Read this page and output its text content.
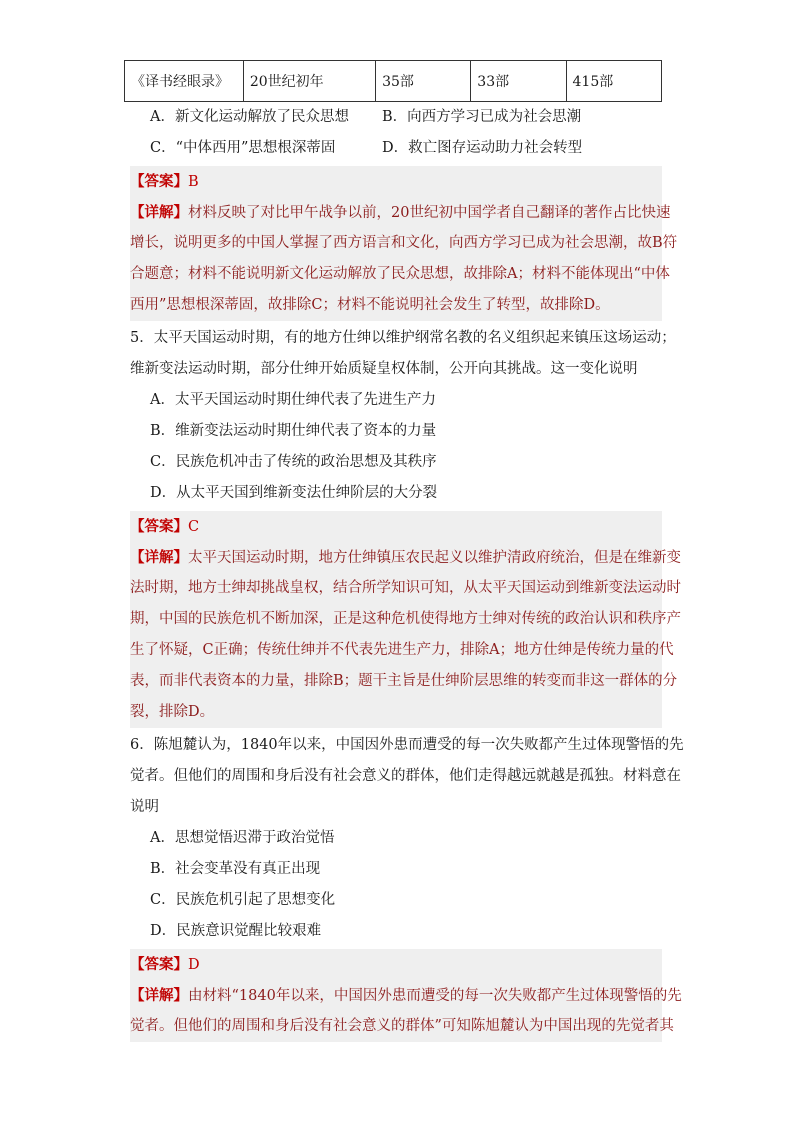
《译书经眼录》	20世纪初年	35部	33部	415部
A．新文化运动解放了民众思想	B．向西方学习已成为社会思潮
C．“中体西用”思想根深蒂固	D．救亡图存运动助力社会转型
【答案】B
【详解】材料反映了对比甲午战争以前，20世纪初中国学者自己翻译的著作占比快速
增长，说明更多的中国人掌握了西方语言和文化，向西方学习已成为社会思潮，故B符
合题意；材料不能说明新文化运动解放了民众思想，故排除A；材料不能体现出“中体
西用”思想根深蒂固，故排除C；材料不能说明社会发生了转型，故排除D。
5．太平天国运动时期，有的地方仕绅以维护纲常名教的名义组织起来镇压这场运动；
维新变法运动时期，部分仕绅开始质疑皇权体制，公开向其挑战。这一变化说明
A．太平天国运动时期仕绅代表了先进生产力
B．维新变法运动时期仕绅代表了资本的力量
C．民族危机冲击了传统的政治思想及其秩序
D．从太平天国到维新变法仕绅阶层的大分裂
【答案】C
【详解】太平天国运动时期，地方仕绅镇压农民起义以维护清政府统治，但是在维新变
法时期，地方士绅却挑战皇权，结合所学知识可知，从太平天国运动到维新变法运动时
期，中国的民族危机不断加深，正是这种危机使得地方士绅对传统的政治认识和秩序产
生了怀疑，C正确；传统仕绅并不代表先进生产力，排除A；地方仕绅是传统力量的代
表，而非代表资本的力量，排除B；题干主旨是仕绅阶层思维的转变而非这一群体的分
裂，排除D。
6．陈旭麓认为，1840年以来，中国因外患而遭受的每一次失败都产生过体现警悟的先
觉者。但他们的周围和身后没有社会意义的群体，他们走得越远就越是孤独。材料意在
说明
A．思想觉悟迟滞于政治觉悟
B．社会变革没有真正出现
C．民族危机引起了思想变化
D．民族意识觉醒比较艰难
【答案】D
【详解】由材料“1840年以来，中国因外患而遭受的每一次失败都产生过体现警悟的先
觉者。但他们的周围和身后没有社会意义的群体”可知陈旭麓认为中国出现的先觉者其
